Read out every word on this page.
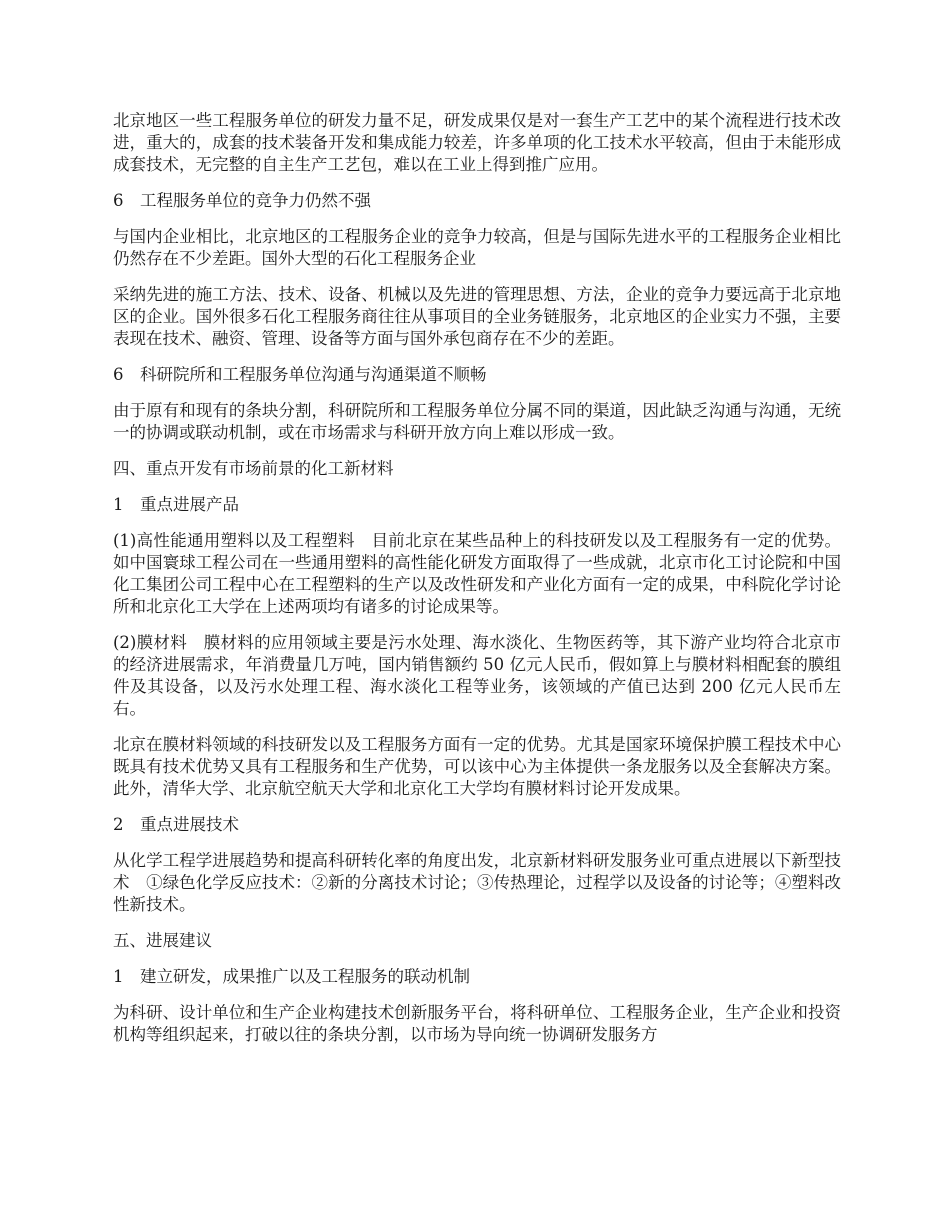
北京地区一些工程服务单位的研发力量不足，研发成果仅是对一套生产工艺中的某个流程进行技术改进，重大的，成套的技术装备开发和集成能力较差，许多单项的化工技术水平较高，但由于未能形成成套技术，无完整的自主生产工艺包，难以在工业上得到推广应用。

6　工程服务单位的竞争力仍然不强

与国内企业相比，北京地区的工程服务企业的竞争力较高，但是与国际先进水平的工程服务企业相比仍然存在不少差距。国外大型的石化工程服务企业

采纳先进的施工方法、技术、设备、机械以及先进的管理思想、方法，企业的竞争力要远高于北京地区的企业。国外很多石化工程服务商往往从事项目的全业务链服务，北京地区的企业实力不强，主要表现在技术、融资、管理、设备等方面与国外承包商存在不少的差距。

6　科研院所和工程服务单位沟通与沟通渠道不顺畅

由于原有和现有的条块分割，科研院所和工程服务单位分属不同的渠道，因此缺乏沟通与沟通，无统一的协调或联动机制，或在市场需求与科研开放方向上难以形成一致。

四、重点开发有市场前景的化工新材料

1　重点进展产品

(1)高性能通用塑料以及工程塑料　目前北京在某些品种上的科技研发以及工程服务有一定的优势。如中国寰球工程公司在一些通用塑料的高性能化研发方面取得了一些成就，北京市化工讨论院和中国化工集团公司工程中心在工程塑料的生产以及改性研发和产业化方面有一定的成果，中科院化学讨论所和北京化工大学在上述两项均有诸多的讨论成果等。

(2)膜材料　膜材料的应用领域主要是污水处理、海水淡化、生物医药等，其下游产业均符合北京市的经济进展需求，年消费量几万吨，国内销售额约 50 亿元人民币，假如算上与膜材料相配套的膜组件及其设备，以及污水处理工程、海水淡化工程等业务，该领域的产值已达到 200 亿元人民币左右。

北京在膜材料领域的科技研发以及工程服务方面有一定的优势。尤其是国家环境保护膜工程技术中心既具有技术优势又具有工程服务和生产优势，可以该中心为主体提供一条龙服务以及全套解决方案。此外，清华大学、北京航空航天大学和北京化工大学均有膜材料讨论开发成果。

2　重点进展技术

从化学工程学进展趋势和提高科研转化率的角度出发，北京新材料研发服务业可重点进展以下新型技术　①绿色化学反应技术：②新的分离技术讨论；③传热理论，过程学以及设备的讨论等；④塑料改性新技术。

五、进展建议

1　建立研发，成果推广以及工程服务的联动机制

为科研、设计单位和生产企业构建技术创新服务平台，将科研单位、工程服务企业，生产企业和投资机构等组织起来，打破以往的条块分割，以市场为导向统一协调研发服务方
